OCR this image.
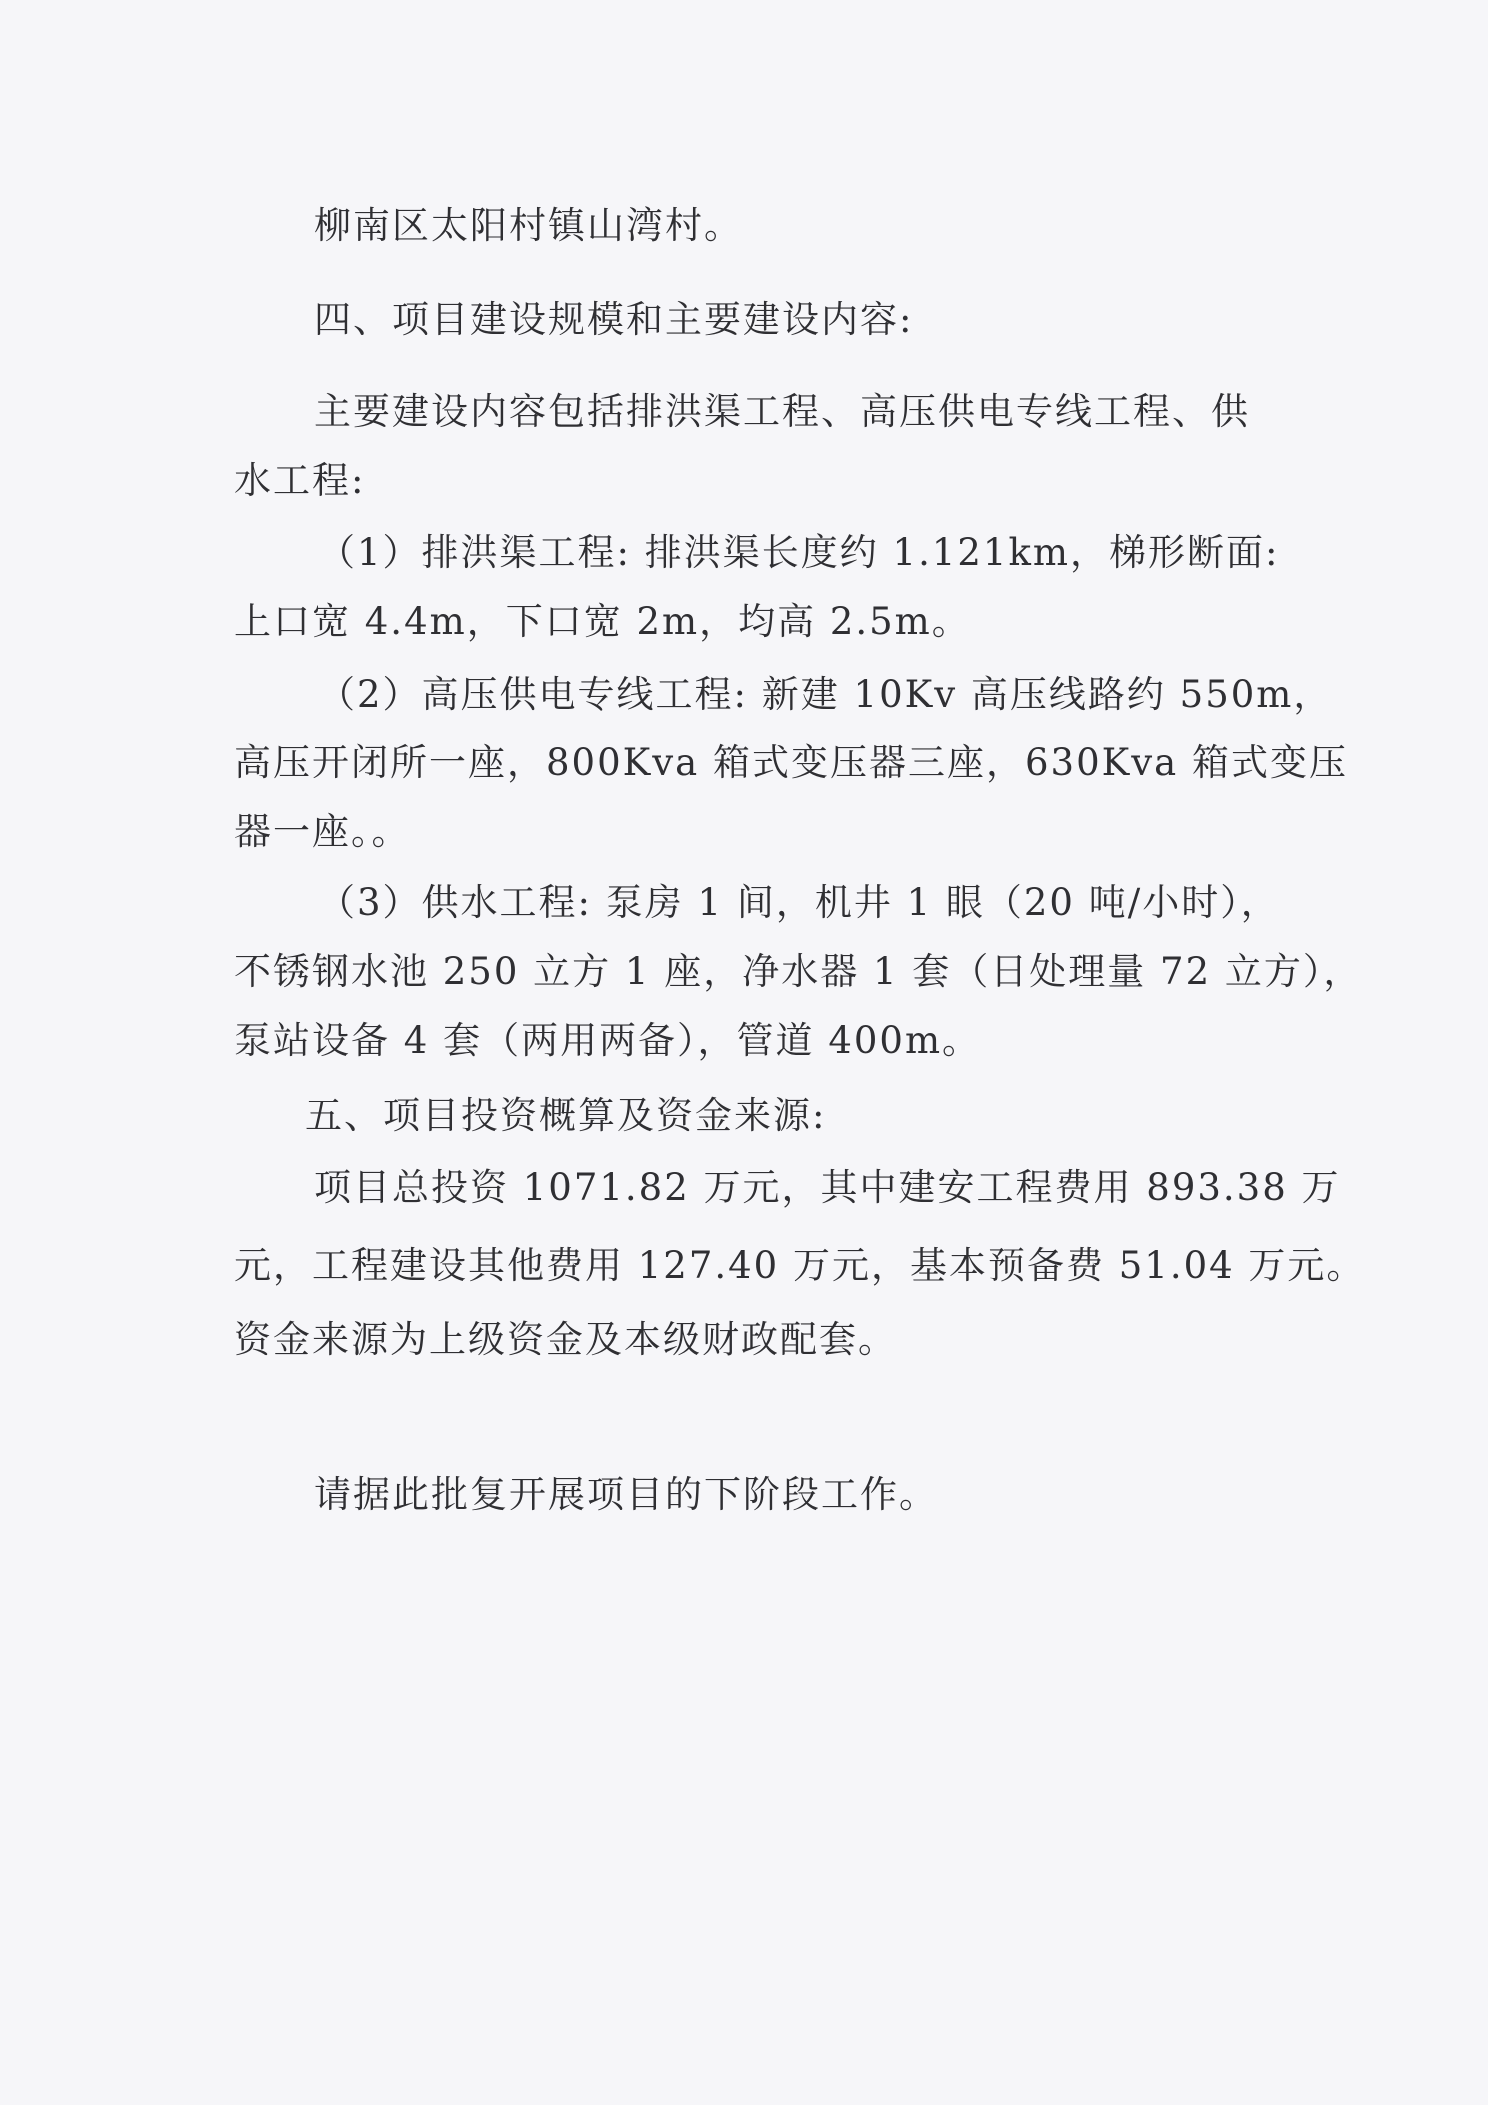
柳南区太阳村镇山湾村。
四、项目建设规模和主要建设内容:
主要建设内容包括排洪渠工程、高压供电专线工程、供
水工程:
（1）排洪渠工程: 排洪渠长度约 1.121km，梯形断面:
上口宽 4.4m，下口宽 2m，均高 2.5m。
（2）高压供电专线工程: 新建 10Kv 高压线路约 550m，
高压开闭所一座，800Kva 箱式变压器三座，630Kva 箱式变压
器一座。。
（3）供水工程: 泵房 1 间，机井 1 眼（20 吨/小时），
不锈钢水池 250 立方 1 座，净水器 1 套（日处理量 72 立方），
泵站设备 4 套（两用两备），管道 400m。
五、项目投资概算及资金来源:
项目总投资 1071.82 万元，其中建安工程费用 893.38 万
元，工程建设其他费用 127.40 万元，基本预备费 51.04 万元。
资金来源为上级资金及本级财政配套。
请据此批复开展项目的下阶段工作。
